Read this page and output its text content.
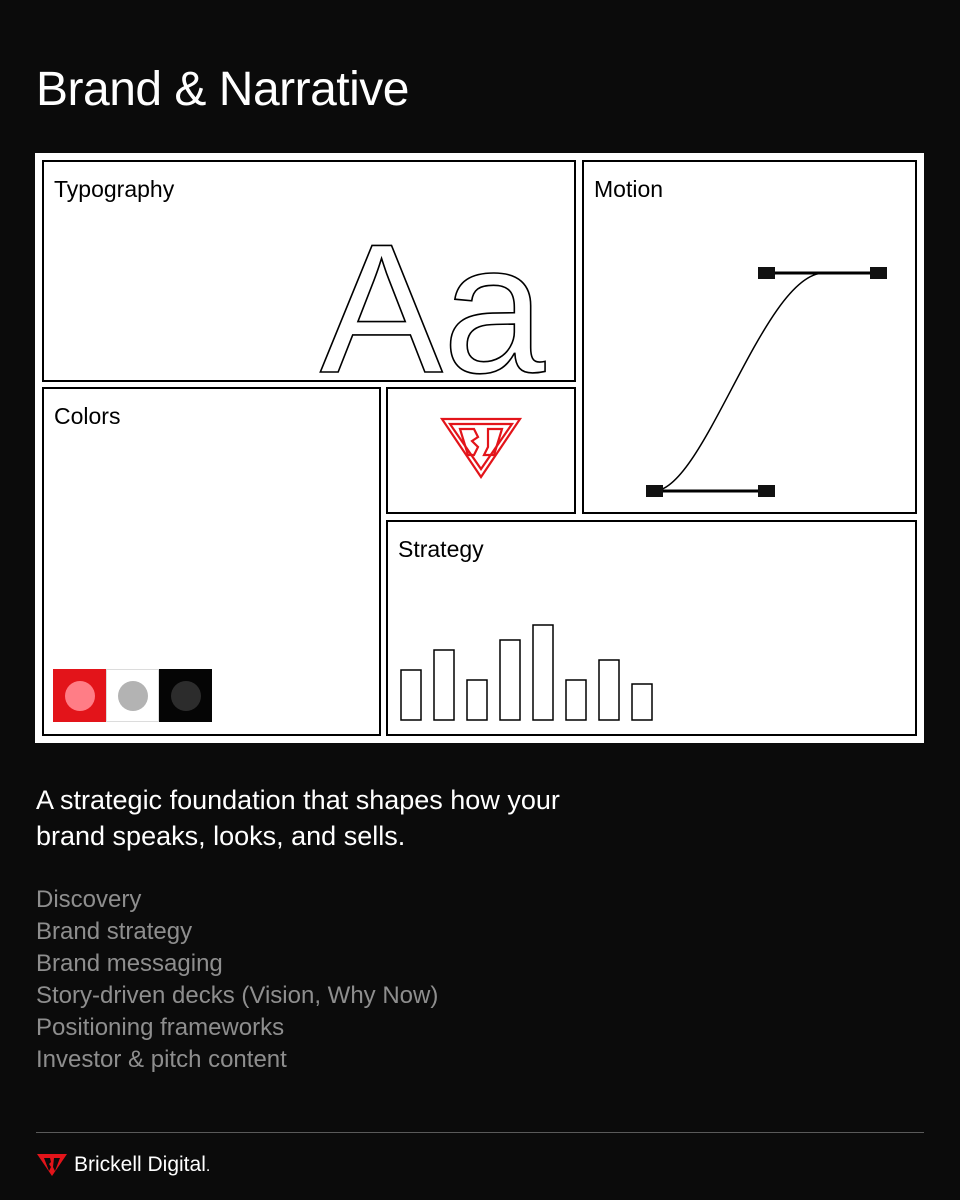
Brand & Narrative
Typography
Aa
Motion
Colors
Strategy

A strategic foundation that shapes how your brand speaks, looks, and sells.

Discovery
Brand strategy
Brand messaging
Story-driven decks (Vision, Why Now)
Positioning frameworks
Investor & pitch content
Brickell Digital.
